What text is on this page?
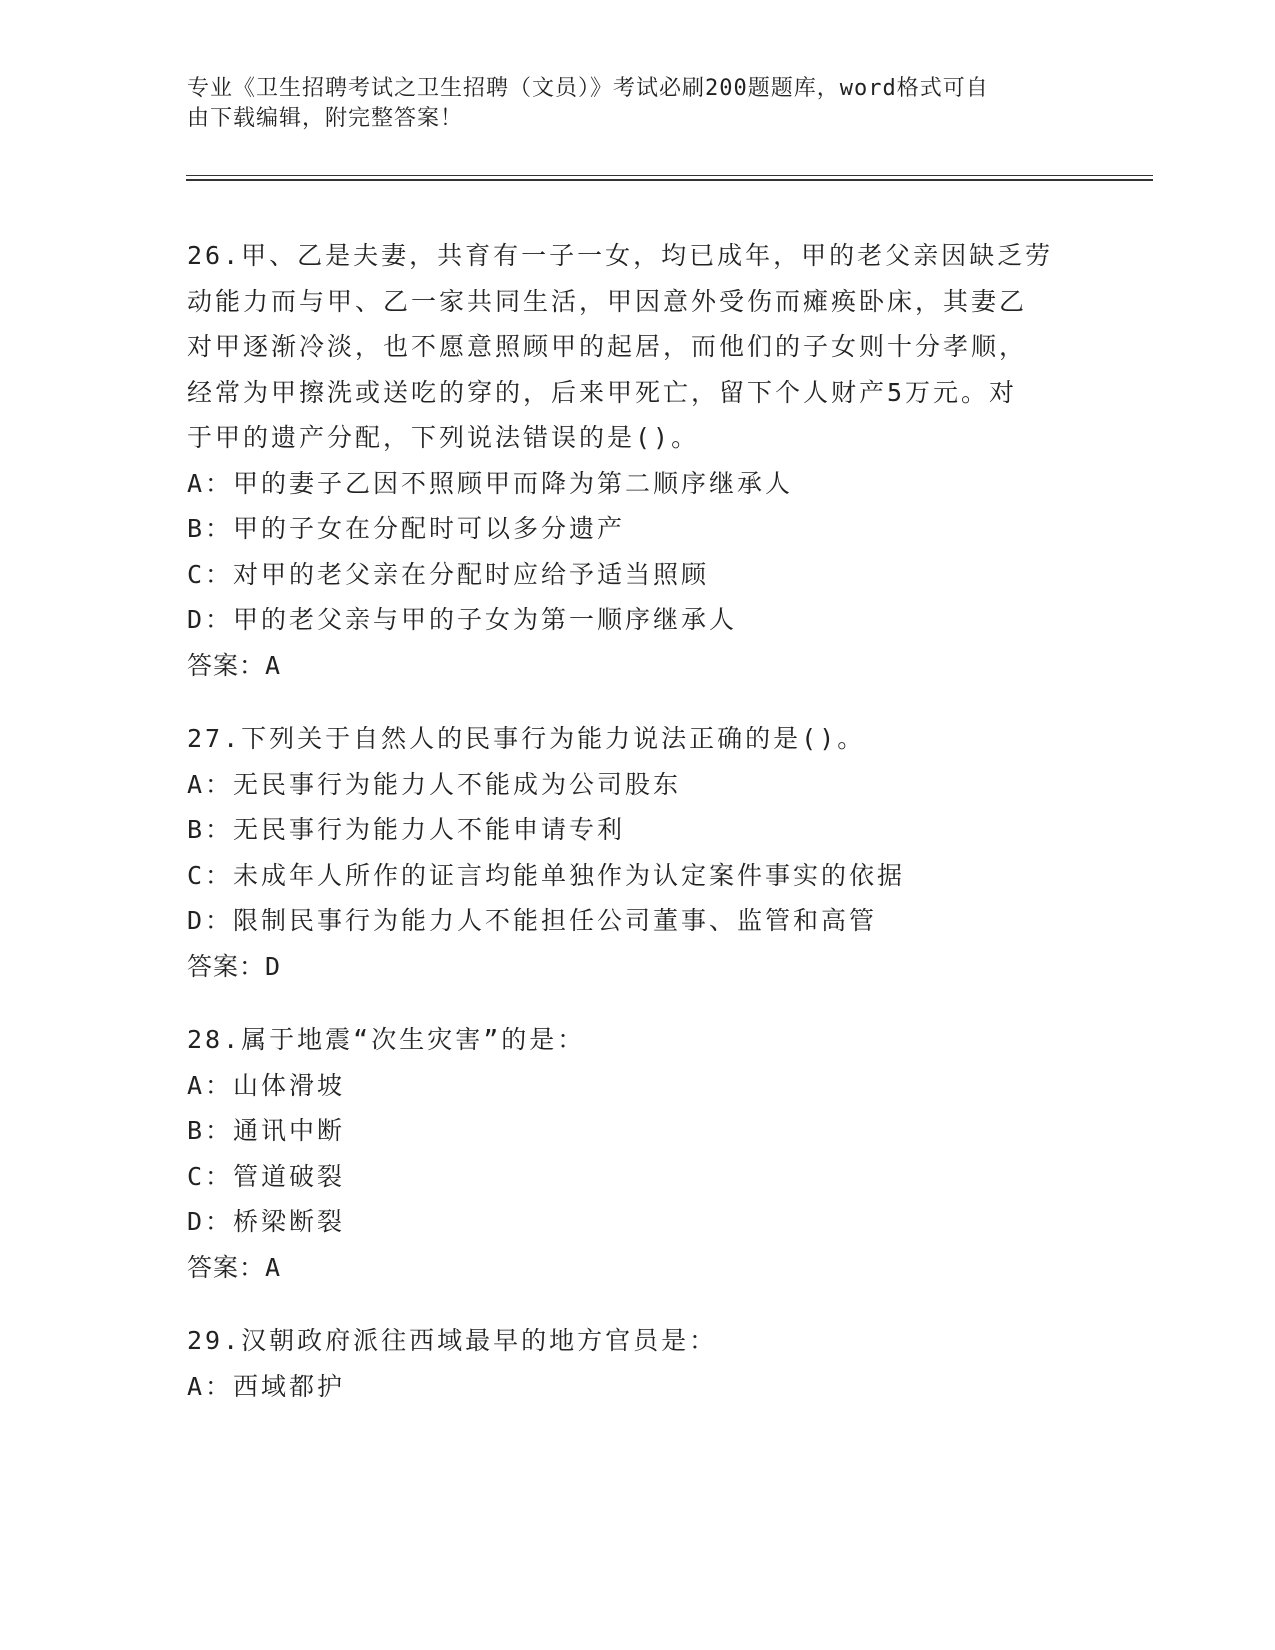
专业《卫生招聘考试之卫生招聘（文员）》考试必刷200题题库，word格式可自
由下载编辑，附完整答案！
26.甲、乙是夫妻，共育有一子一女，均已成年，甲的老父亲因缺乏劳
动能力而与甲、乙一家共同生活，甲因意外受伤而瘫痪卧床，其妻乙
对甲逐渐冷淡，也不愿意照顾甲的起居，而他们的子女则十分孝顺，
经常为甲擦洗或送吃的穿的，后来甲死亡，留下个人财产5万元。对
于甲的遗产分配，下列说法错误的是()。
A：甲的妻子乙因不照顾甲而降为第二顺序继承人
B：甲的子女在分配时可以多分遗产
C：对甲的老父亲在分配时应给予适当照顾
D：甲的老父亲与甲的子女为第一顺序继承人
答案：A
27.下列关于自然人的民事行为能力说法正确的是()。
A：无民事行为能力人不能成为公司股东
B：无民事行为能力人不能申请专利
C：未成年人所作的证言均能单独作为认定案件事实的依据
D：限制民事行为能力人不能担任公司董事、监管和高管
答案：D
28.属于地震“次生灾害”的是：
A：山体滑坡
B：通讯中断
C：管道破裂
D：桥梁断裂
答案：A
29.汉朝政府派往西域最早的地方官员是：
A：西域都护
